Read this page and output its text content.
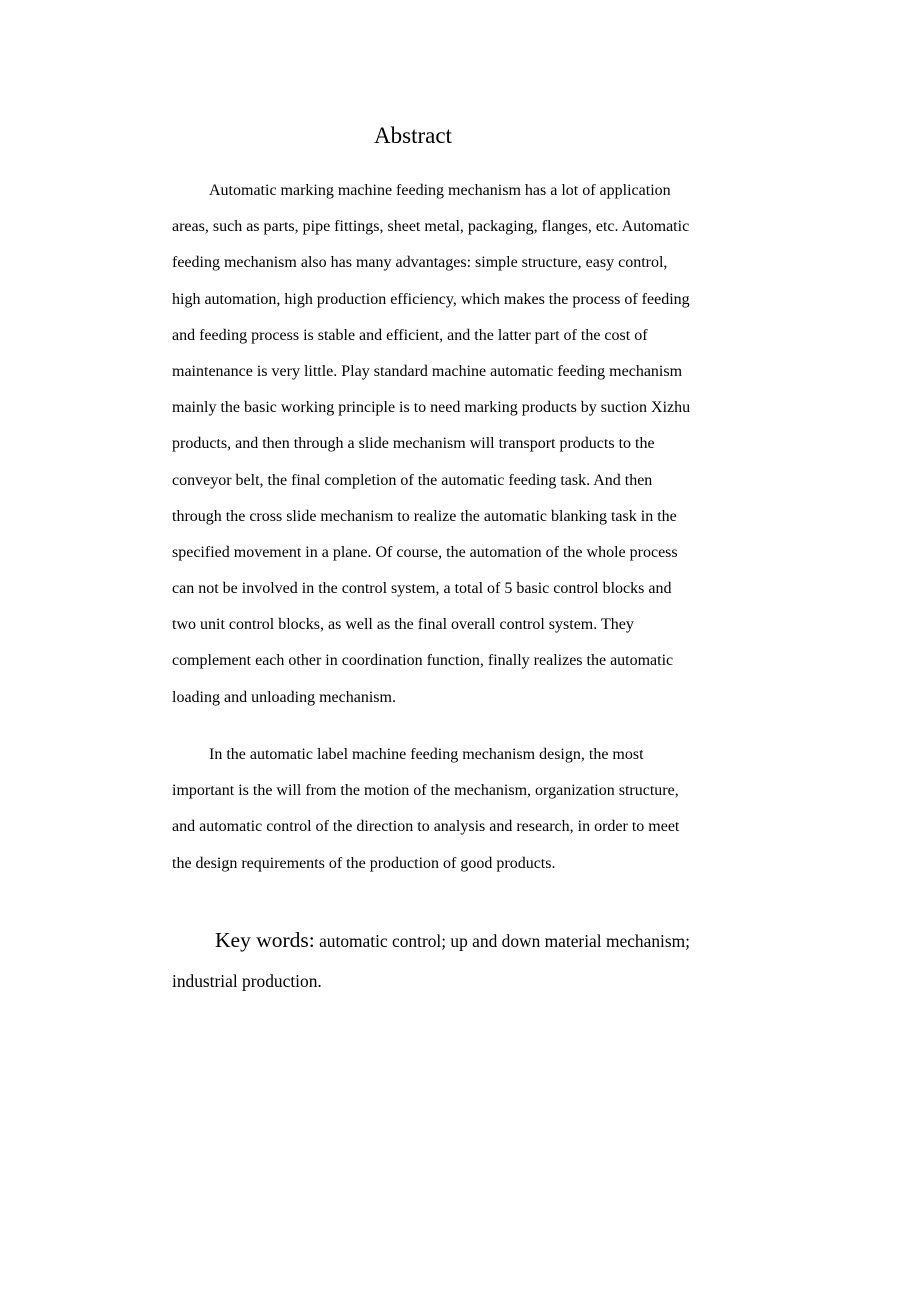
Abstract
Automatic marking machine feeding mechanism has a lot of application
areas, such as parts, pipe fittings, sheet metal, packaging, flanges, etc. Automatic
feeding mechanism also has many advantages: simple structure, easy control,
high automation, high production efficiency, which makes the process of feeding
and feeding process is stable and efficient, and the latter part of the cost of
maintenance is very little. Play standard machine automatic feeding mechanism
mainly the basic working principle is to need marking products by suction Xizhu
products, and then through a slide mechanism will transport products to the
conveyor belt, the final completion of the automatic feeding task. And then
through the cross slide mechanism to realize the automatic blanking task in the
specified movement in a plane. Of course, the automation of the whole process
can not be involved in the control system, a total of 5 basic control blocks and
two unit control blocks, as well as the final overall control system. They
complement each other in coordination function, finally realizes the automatic
loading and unloading mechanism.
In the automatic label machine feeding mechanism design, the most
important is the will from the motion of the mechanism, organization structure,
and automatic control of the direction to analysis and research, in order to meet
the design requirements of the production of good products.
Key words: automatic control; up and down material mechanism;
industrial production.
